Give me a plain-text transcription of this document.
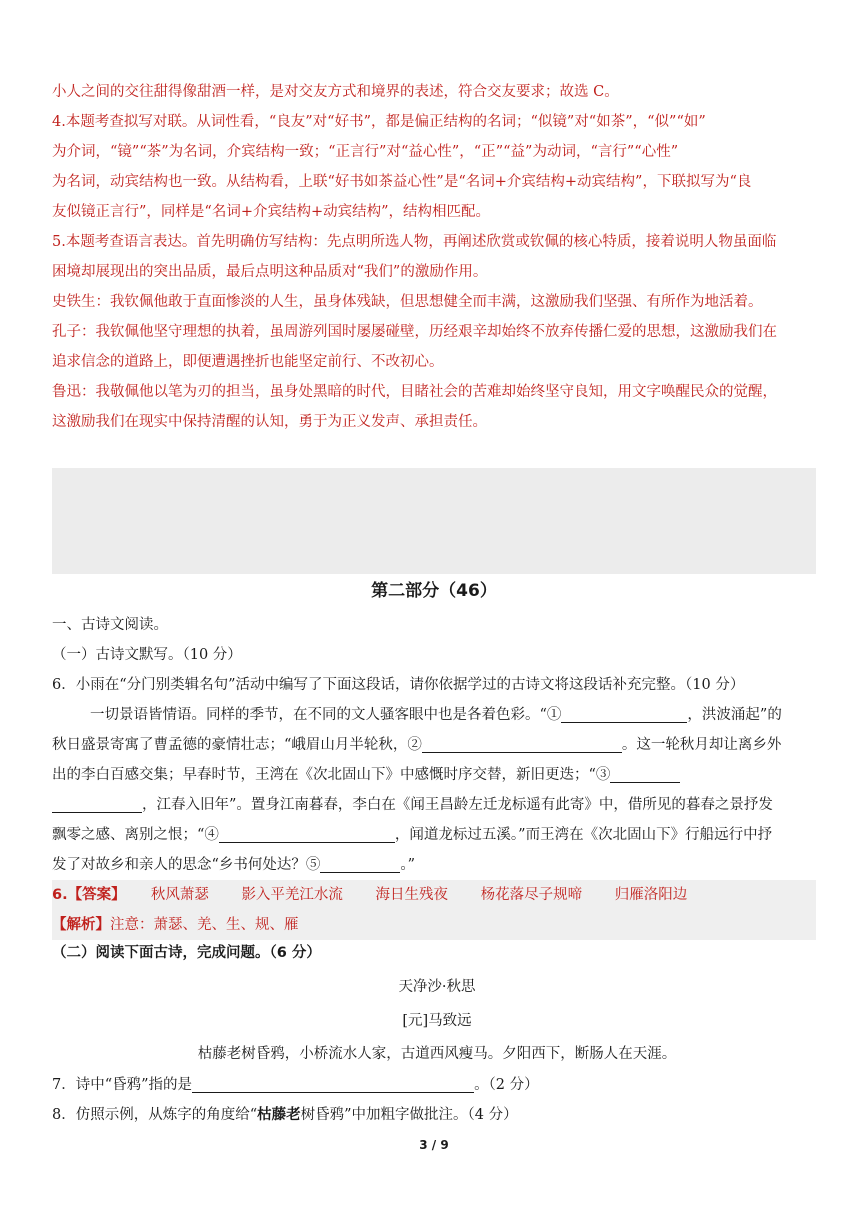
小人之间的交往甜得像甜酒一样，是对交友方式和境界的表述，符合交友要求；故选 C。
4.本题考查拟写对联。从词性看，“良友”对“好书”，都是偏正结构的名词；“似镜”对“如茶”，“似”“如”
为介词，“镜”“茶”为名词，介宾结构一致；“正言行”对“益心性”，“正”“益”为动词，“言行”“心性”
为名词，动宾结构也一致。从结构看，上联“好书如茶益心性”是“名词+介宾结构+动宾结构”，下联拟写为“良
友似镜正言行”，同样是“名词+介宾结构+动宾结构”，结构相匹配。
5.本题考查语言表达。首先明确仿写结构：先点明所选人物，再阐述欣赏或钦佩的核心特质，接着说明人物虽面临
困境却展现出的突出品质，最后点明这种品质对“我们”的激励作用。
史铁生：我钦佩他敢于直面惨淡的人生，虽身体残缺，但思想健全而丰满，这激励我们坚强、有所作为地活着。
孔子：我钦佩他坚守理想的执着，虽周游列国时屡屡碰壁，历经艰辛却始终不放弃传播仁爱的思想，这激励我们在
追求信念的道路上，即便遭遇挫折也能坚定前行、不改初心。
鲁迅：我敬佩他以笔为刃的担当，虽身处黑暗的时代，目睹社会的苦难却始终坚守良知，用文字唤醒民众的觉醒，
这激励我们在现实中保持清醒的认知，勇于为正义发声、承担责任。
第二部分（46）
一、古诗文阅读。
（一）古诗文默写。（10 分）
6．小雨在“分门别类辑名句”活动中编写了下面这段话，请你依据学过的古诗文将这段话补充完整。（10 分）
一切景语皆情语。同样的季节，在不同的文人骚客眼中也是各着色彩。“①	，洪波涌起”的
秋日盛景寄寓了曹孟德的豪情壮志；“峨眉山月半轮秋，②	。这一轮秋月却让离乡外
出的李白百感交集；早春时节，王湾在《次北固山下》中感慨时序交替，新旧更迭；“③
，江春入旧年”。置身江南暮春，李白在《闻王昌龄左迁龙标遥有此寄》中，借所见的暮春之景抒发
飘零之感、离别之恨；“④	，闻道龙标过五溪。”而王湾在《次北固山下》行船远行中抒
发了对故乡和亲人的思念“乡书何处达？⑤	。”
6.【答案】 秋风萧瑟 影入平羌江水流 海日生残夜 杨花落尽子规啼 归雁洛阳边
【解析】注意：萧瑟、羌、生、规、雁
（二）阅读下面古诗，完成问题。（6 分）
天净沙·秋思
[元]马致远
枯藤老树昏鸦，小桥流水人家，古道西风瘦马。夕阳西下，断肠人在天涯。
7．诗中“昏鸦”指的是	。（2 分）
8．仿照示例，从炼字的角度给“枯藤老树昏鸦”中加粗字做批注。（4 分）
3 / 9
